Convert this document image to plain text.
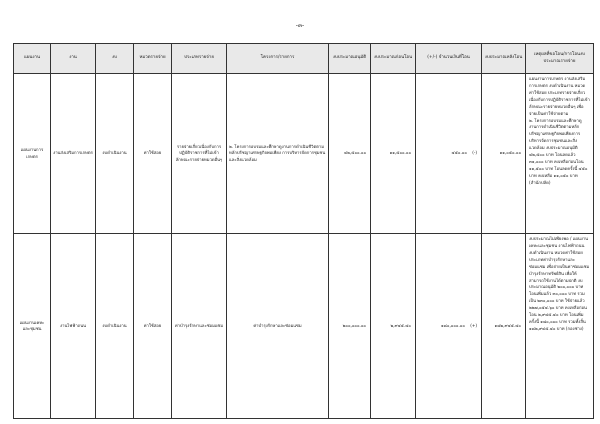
-๓-
แผนงาน	งาน	งบ	หมวดรายจ่าย	ประเภทรายจ่าย	โครงการ/รายการ	งบประมาณอนุมัติ	งบประมาณก่อนโอน	(+/-) จำนวนเงินที่โอน	งบประมาณหลังโอน	เหตุผลที่ขอโอน/การโอนงบประมาณรายจ่าย
แผนงานการเกษตร	งานส่งเสริมการเกษตร	งบดำเนินงาน	ค่าใช้สอย	รายจ่ายเกี่ยวเนื่องกับการปฏิบัติราชการที่ไม่เข้าลักษณะรายจ่ายหมวดอื่นๆ	๒. โครงการอบรมและศึกษาดูงานการดำเนินชีวิตตามหลักปรัชญาเศรษฐกิจพอเพียง การบริหารจัดการชุมชน และสิ่งแวดล้อม	๔๒,๕๐๐.๐๐	๑๑,๕๐๐.๐๐	๔๕๐.๐๐ (-)	๑๑,๐๕๐.๐๐	แผนงานการเกษตร งานส่งเสริมการเกษตร งบดำเนินงาน หมวดค่าใช้สอย ประเภทรายจ่ายเกี่ยวเนื่องกับการปฏิบัติราชการที่ไม่เข้าลักษณะรายจ่ายหมวดอื่นๆ เพื่อจ่ายเป็นค่าใช้จ่ายตาม
๒. โครงการอบรมและศึกษาดูงานการดำเนินชีวิตตามหลักปรัชญาเศรษฐกิจพอเพียงการบริหารจัดการชุมชนและสิ่งแวดล้อม งบประมาณอนุมัติ ๔๒,๕๐๐ บาท โอนลดแล้ว ๓๑,๐๐๐ บาท คงเหลือก่อนโอน ๑๑,๕๐๐ บาท โอนลดครั้งนี้ ๔๕๐ บาท คงเหลือ ๑๑,๐๕๐ บาท (สำนักปลัด)

แผนงานเคหะและชุมชน	งานไฟฟ้าถนน	งบดำเนินงาน	ค่าใช้สอย	ค่าบำรุงรักษาและซ่อมแซม	ค่าบำรุงรักษาและซ่อมแซม	๒๐๐,๐๐๐.๐๐	๒,๙๔๕.๔๐	๑๘๐,๐๐๐.๐๐ (+)	๑๘๒,๙๔๕.๔๐	งบประมาณไม่เพียงพอ / แผนงานเคหะและชุมชน งานไฟฟ้าถนน งบดำเนินงาน หมวดค่าใช้สอย ประเภทค่าบำรุงรักษาและซ่อมแซม เพื่อจ่ายเป็นค่าซ่อมแซมบำรุงรักษาทรัพย์สิน เพื่อให้สามารถใช้งานได้ตามปกติ งบประมาณอนุมัติ ๒๐๐,๐๐๐ บาท โอนเพิ่มแล้ว ๓๐,๐๐๐ บาท รวมเป็น ๒๓๐,๐๐๐ บาท ใช้จ่ายแล้ว ๒๒๗,๐๕๔.๖๐ บาท คงเหลือก่อนโอน ๒,๙๔๕.๔๐ บาท โอนเพิ่มครั้งนี้ ๑๘๐,๐๐๐ บาท รวมทั้งสิ้น ๑๘๒,๙๔๕.๔๐ บาท (กองช่าง)
